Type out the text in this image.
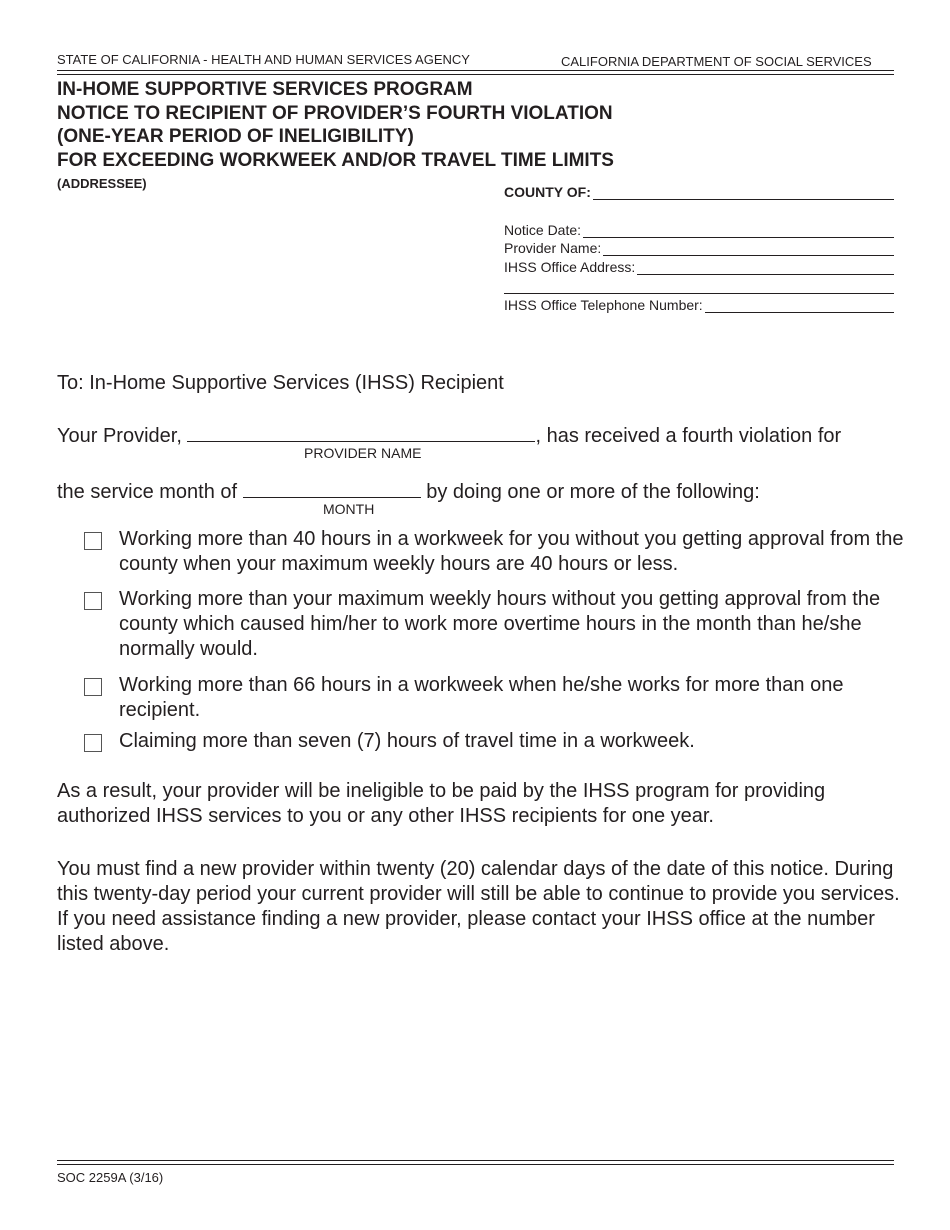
STATE OF CALIFORNIA - HEALTH AND HUMAN SERVICES AGENCY	CALIFORNIA DEPARTMENT OF SOCIAL SERVICES
IN-HOME SUPPORTIVE SERVICES PROGRAM
NOTICE TO RECIPIENT OF PROVIDER’S FOURTH VIOLATION
(ONE-YEAR PERIOD OF INELIGIBILITY)
FOR EXCEEDING WORKWEEK AND/OR TRAVEL TIME LIMITS
(ADDRESSEE)
COUNTY OF:
Notice Date:
Provider Name:
IHSS Office Address:
IHSS Office Telephone Number:
To: In-Home Supportive Services (IHSS) Recipient
Your Provider,	, has received a fourth violation for
PROVIDER NAME
the service month of	by doing one or more of the following:
MONTH
Working more than 40 hours in a workweek for you without you getting approval from the county when your maximum weekly hours are 40 hours or less.
Working more than your maximum weekly hours without you getting approval from the county which caused him/her to work more overtime hours in the month than he/she normally would.
Working more than 66 hours in a workweek when he/she works for more than one recipient.
Claiming more than seven (7) hours of travel time in a workweek.
As a result, your provider will be ineligible to be paid by the IHSS program for providing authorized IHSS services to you or any other IHSS recipients for one year.
You must find a new provider within twenty (20) calendar days of the date of this notice. During this twenty-day period your current provider will still be able to continue to provide you services. If you need assistance finding a new provider, please contact your IHSS office at the number listed above.
SOC 2259A (3/16)
